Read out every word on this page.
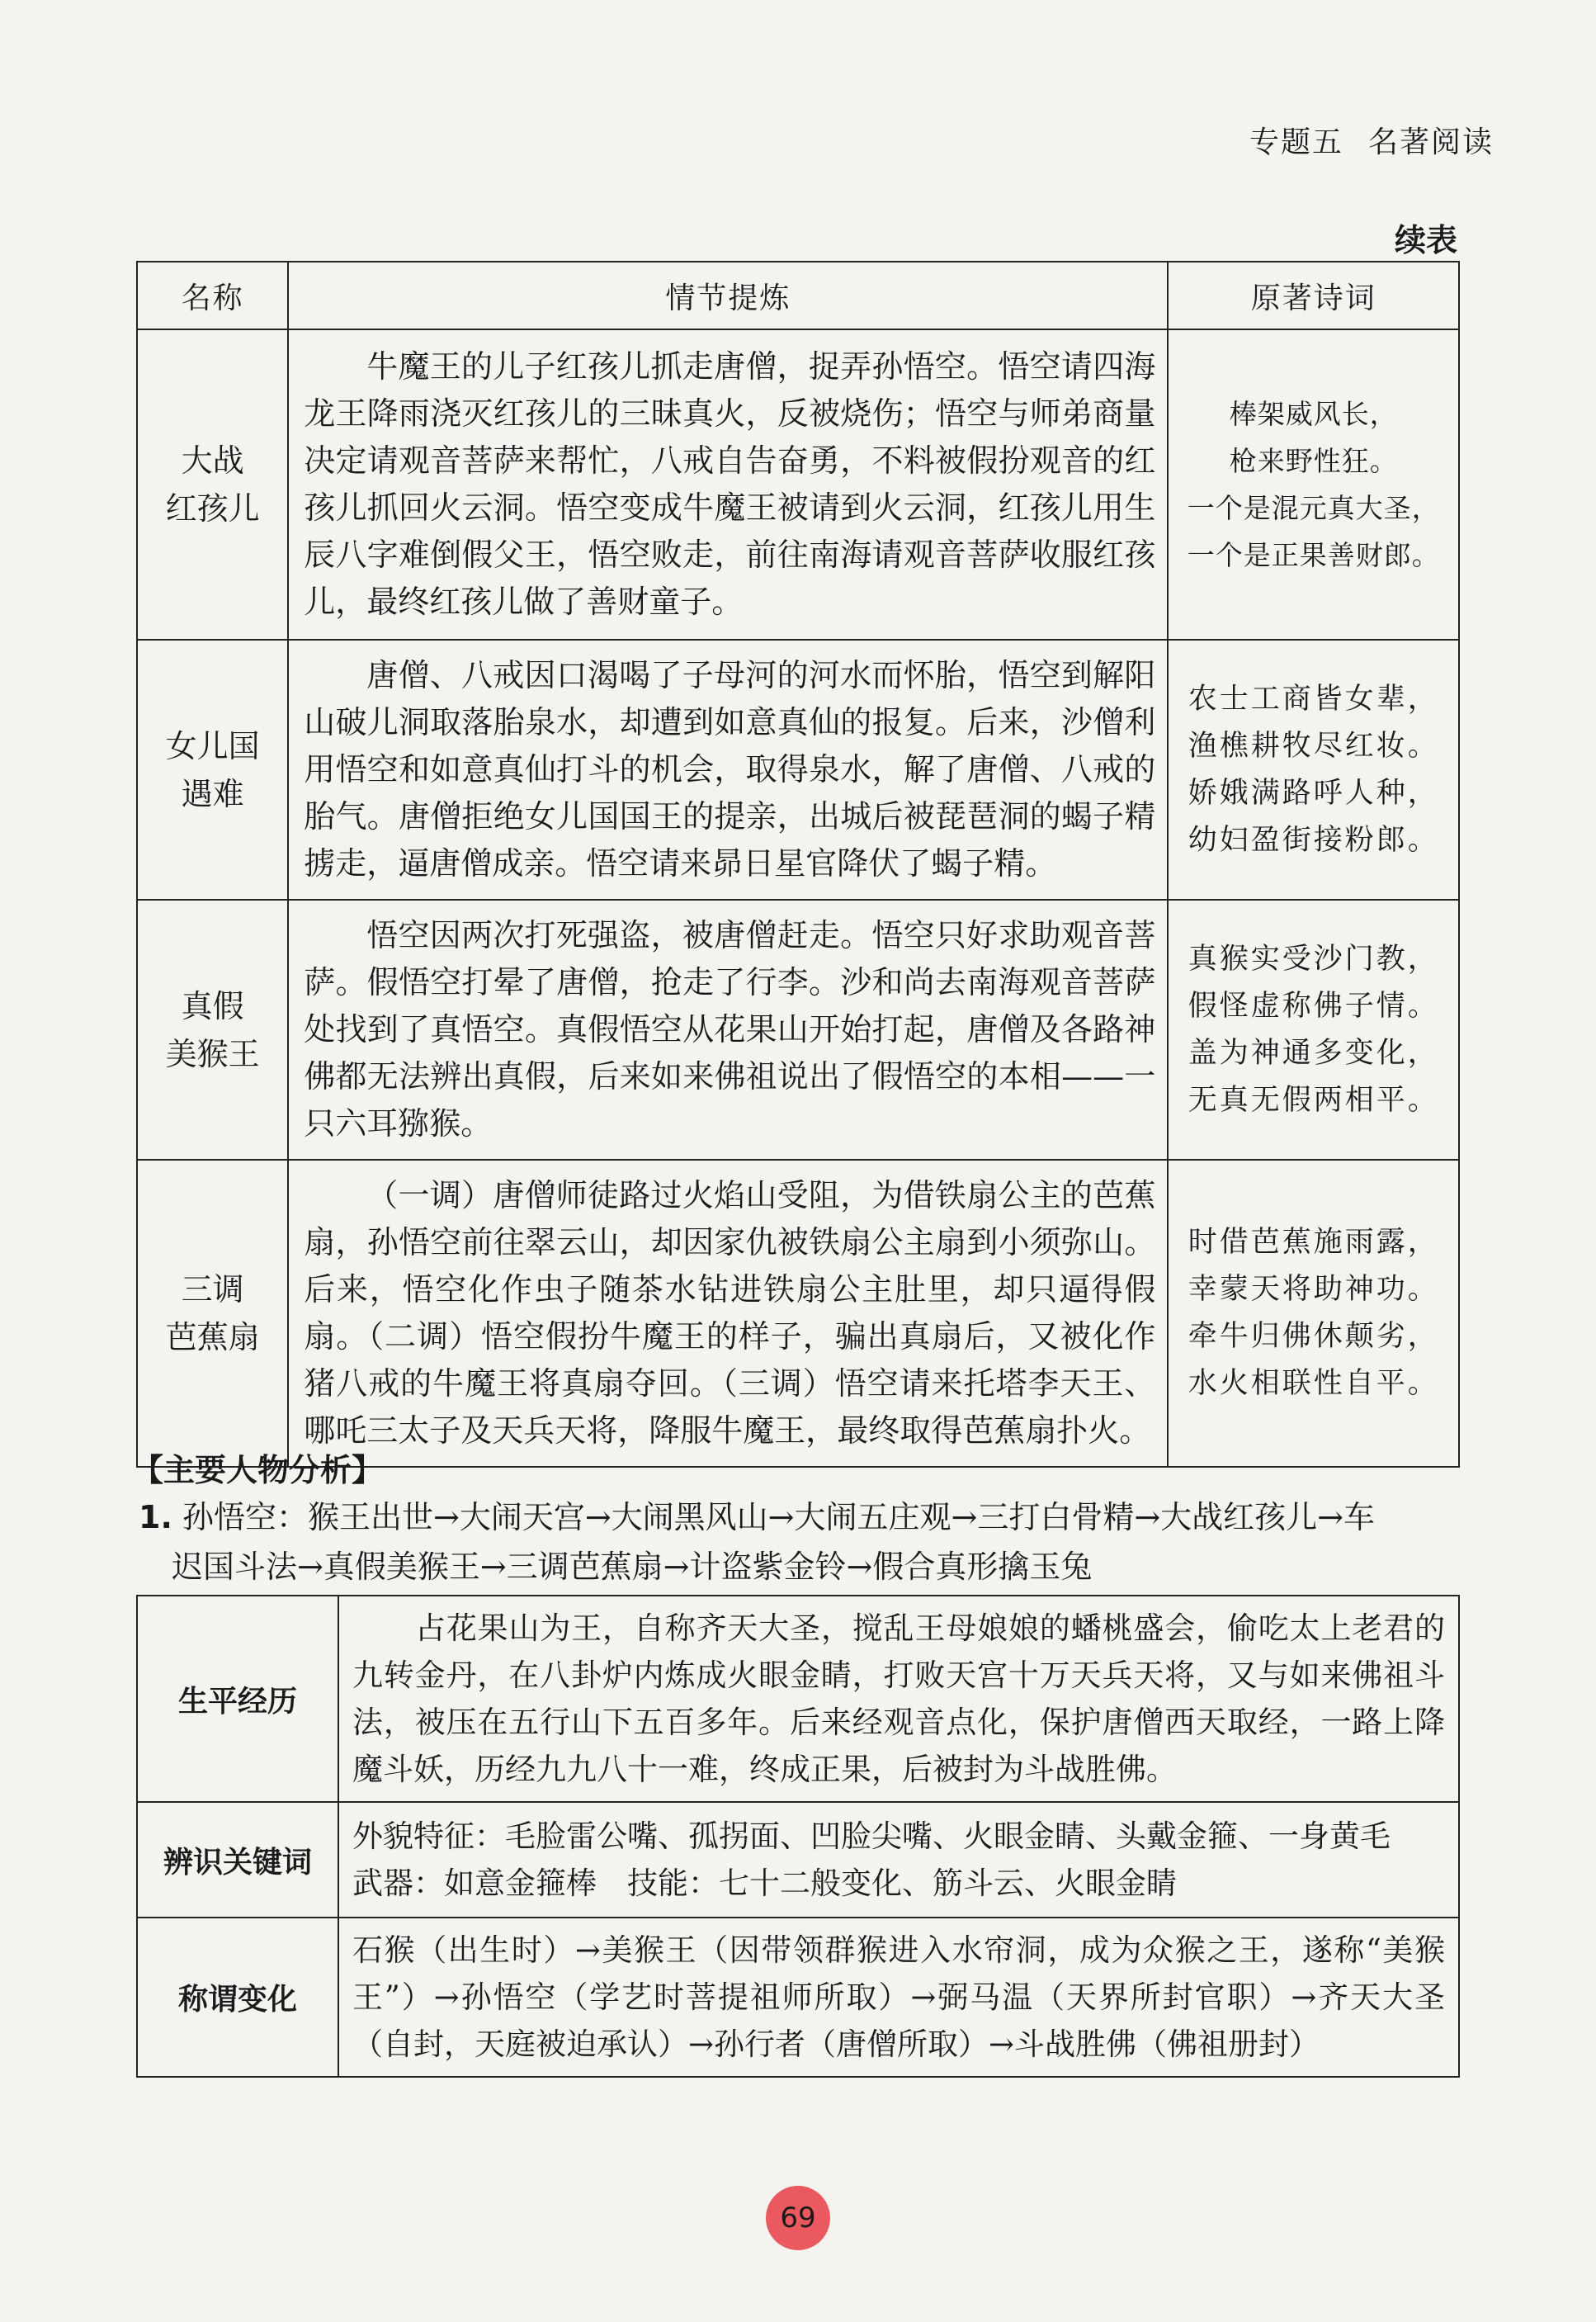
专题五 名著阅读
续表
名称	情节提炼	原著诗词

大战
红孩儿	牛魔王的儿子红孩儿抓走唐僧，捉弄孙悟空。悟空请四海龙王降雨浇灭红孩儿的三昧真火，反被烧伤；悟空与师弟商量决定请观音菩萨来帮忙，八戒自告奋勇，不料被假扮观音的红孩儿抓回火云洞。悟空变成牛魔王被请到火云洞，红孩儿用生辰八字难倒假父王，悟空败走，前往南海请观音菩萨收服红孩儿，最终红孩儿做了善财童子。	棒架威风长，
枪来野性狂。
一个是混元真大圣，
一个是正果善财郎。

女儿国
遇难	唐僧、八戒因口渴喝了子母河的河水而怀胎，悟空到解阳山破儿洞取落胎泉水，却遭到如意真仙的报复。后来，沙僧利用悟空和如意真仙打斗的机会，取得泉水，解了唐僧、八戒的胎气。唐僧拒绝女儿国国王的提亲，出城后被琵琶洞的蝎子精掳走，逼唐僧成亲。悟空请来昴日星官降伏了蝎子精。	农士工商皆女辈，
渔樵耕牧尽红妆。
娇娥满路呼人种，
幼妇盈街接粉郎。

真假
美猴王	悟空因两次打死强盗，被唐僧赶走。悟空只好求助观音菩萨。假悟空打晕了唐僧，抢走了行李。沙和尚去南海观音菩萨处找到了真悟空。真假悟空从花果山开始打起，唐僧及各路神佛都无法辨出真假，后来如来佛祖说出了假悟空的本相——一只六耳猕猴。	真猴实受沙门教，
假怪虚称佛子情。
盖为神通多变化，
无真无假两相平。

三调
芭蕉扇	（一调）唐僧师徒路过火焰山受阻，为借铁扇公主的芭蕉扇，孙悟空前往翠云山，却因家仇被铁扇公主扇到小须弥山。后来，悟空化作虫子随茶水钻进铁扇公主肚里，却只逼得假扇。（二调）悟空假扮牛魔王的样子，骗出真扇后，又被化作猪八戒的牛魔王将真扇夺回。（三调）悟空请来托塔李天王、哪吒三太子及天兵天将，降服牛魔王，最终取得芭蕉扇扑火。	时借芭蕉施雨露，
幸蒙天将助神功。
牵牛归佛休颠劣，
水火相联性自平。
【主要人物分析】
1. 孙悟空：猴王出世→大闹天宫→大闹黑风山→大闹五庄观→三打白骨精→大战红孩儿→车
迟国斗法→真假美猴王→三调芭蕉扇→计盗紫金铃→假合真形擒玉兔
生平经历	占花果山为王，自称齐天大圣，搅乱王母娘娘的蟠桃盛会，偷吃太上老君的九转金丹，在八卦炉内炼成火眼金睛，打败天宫十万天兵天将，又与如来佛祖斗法，被压在五行山下五百多年。后来经观音点化，保护唐僧西天取经，一路上降魔斗妖，历经九九八十一难，终成正果，后被封为斗战胜佛。
辨识关键词	外貌特征：毛脸雷公嘴、孤拐面、凹脸尖嘴、火眼金睛、头戴金箍、一身黄毛
武器：如意金箍棒　技能：七十二般变化、筋斗云、火眼金睛

称谓变化	石猴（出生时）→美猴王（因带领群猴进入水帘洞，成为众猴之王，遂称“美猴王”）→孙悟空（学艺时菩提祖师所取）→弼马温（天界所封官职）→齐天大圣（自封，天庭被迫承认）→孙行者（唐僧所取）→斗战胜佛（佛祖册封）
69
